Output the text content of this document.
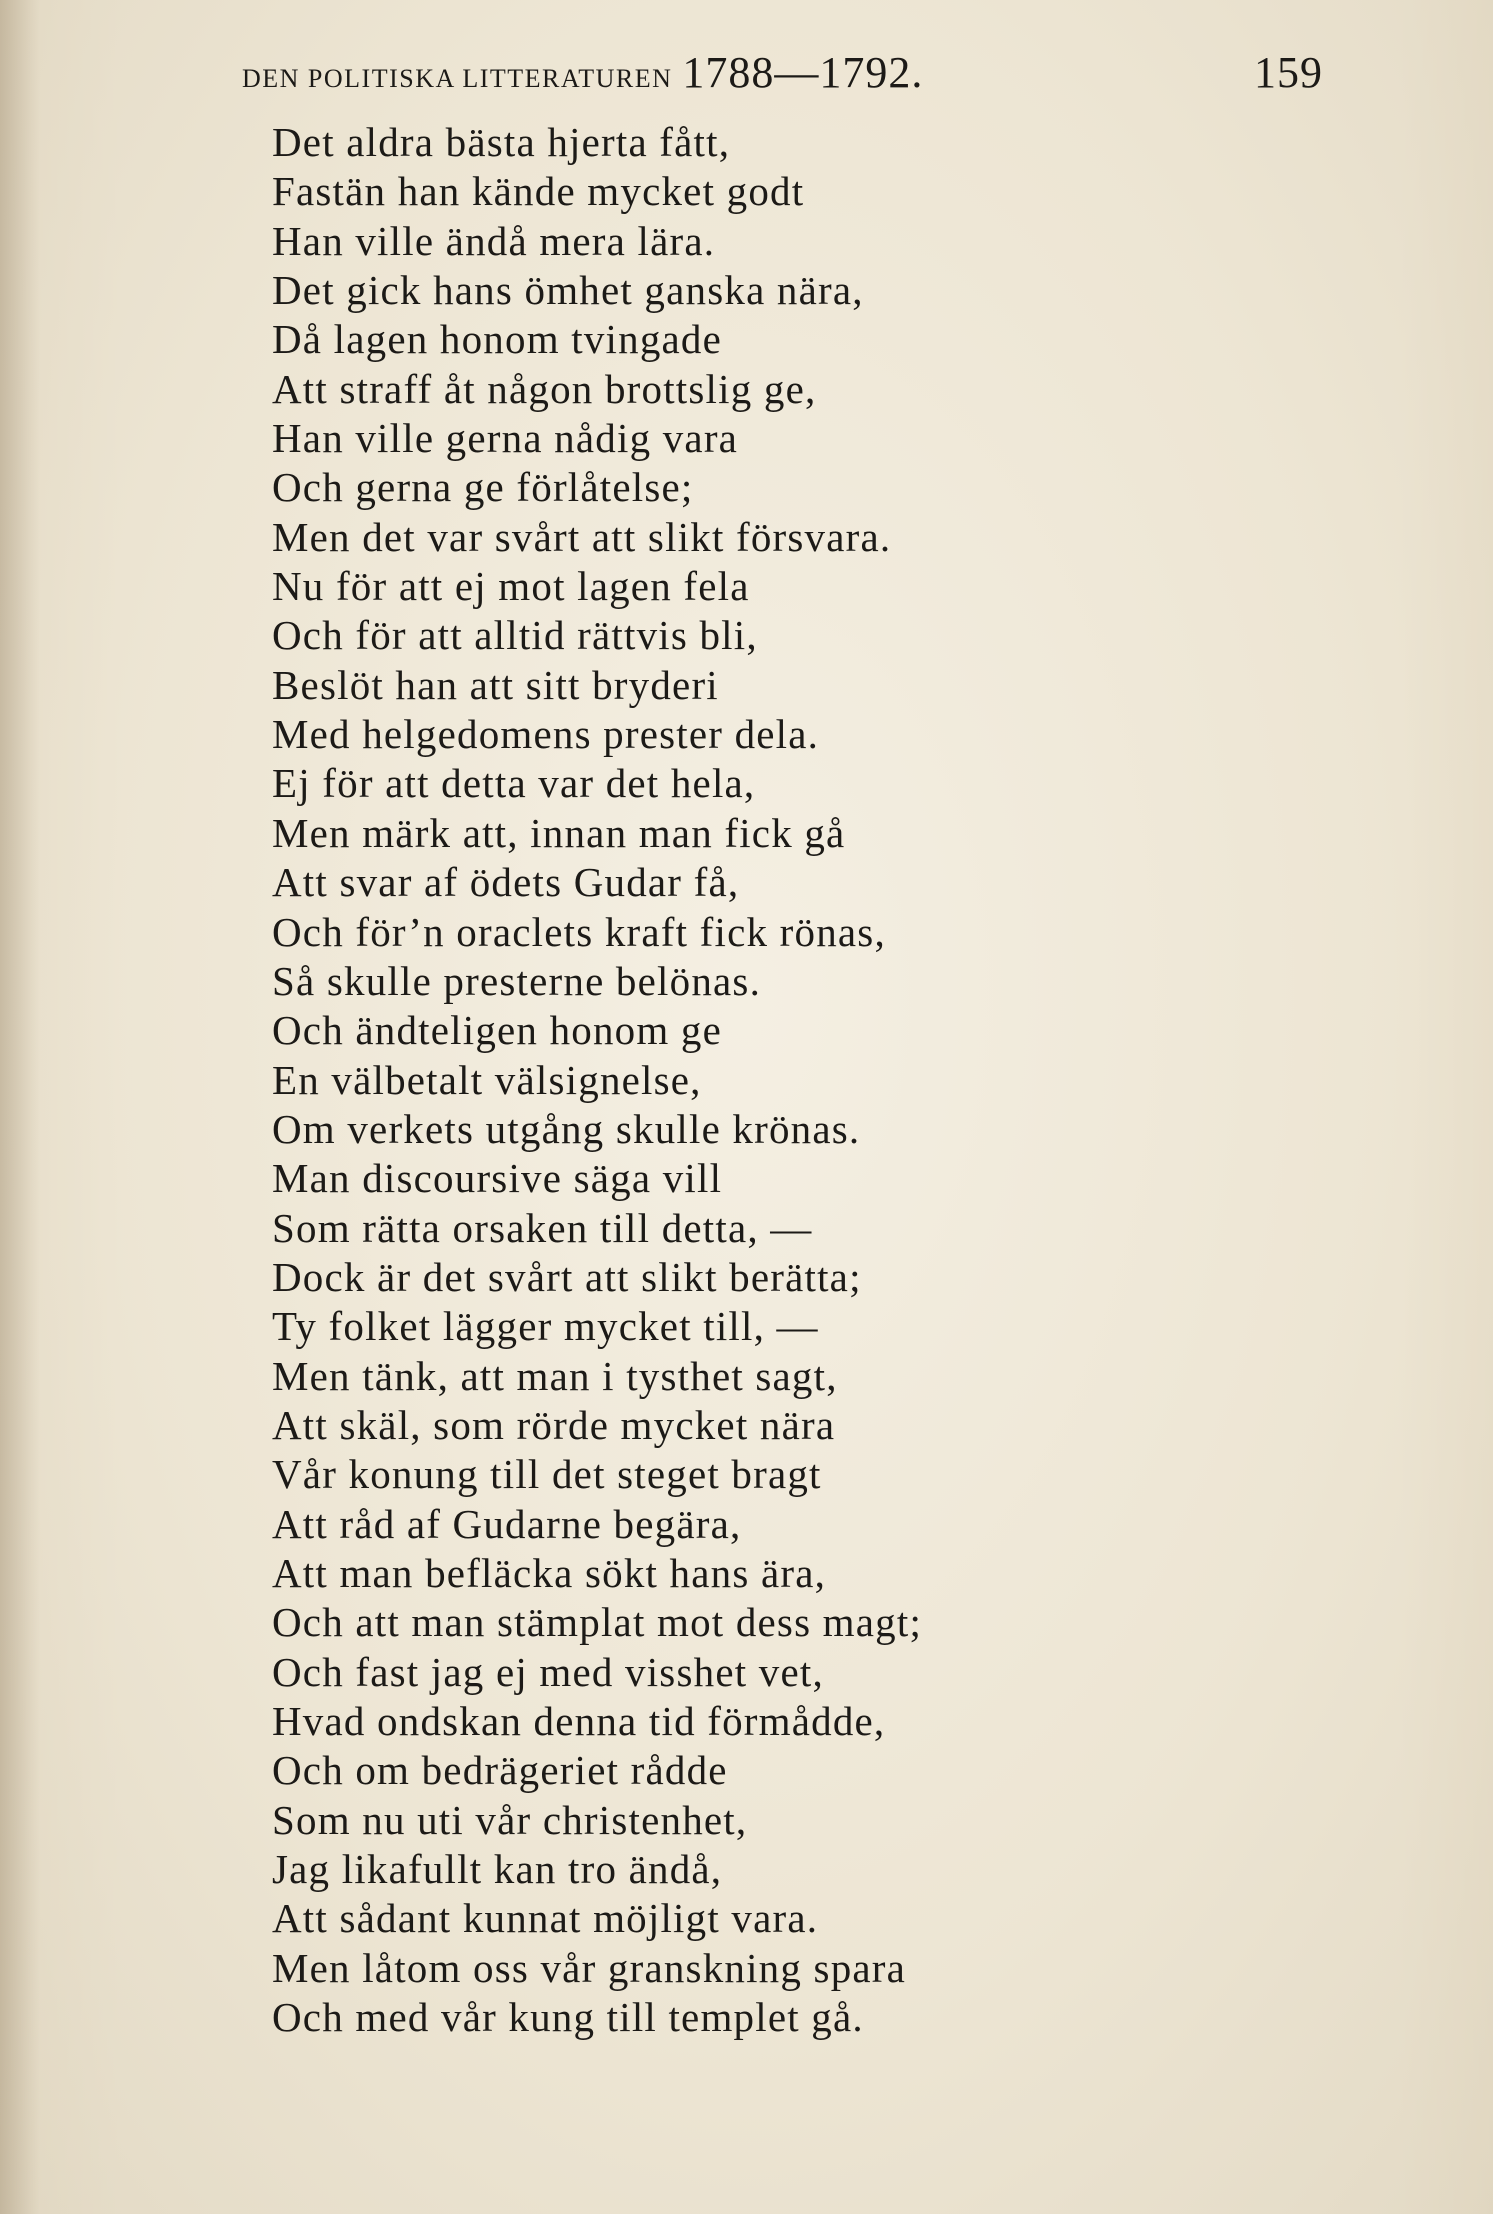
DEN POLITISKA LITTERATUREN 1788—1792.	159
Det aldra bästa hjerta fått,
Fastän han kände mycket godt
Han ville ändå mera lära.
Det gick hans ömhet ganska nära,
Då lagen honom tvingade
Att straff åt någon brottslig ge,
Han ville gerna nådig vara
Och gerna ge förlåtelse;
Men det var svårt att slikt försvara.
Nu för att ej mot lagen fela
Och för att alltid rättvis bli,
Beslöt han att sitt bryderi
Med helgedomens prester dela.
Ej för att detta var det hela,
Men märk att, innan man fick gå
Att svar af ödets Gudar få,
Och för’n oraclets kraft fick rönas,
Så skulle presterne belönas.
Och ändteligen honom ge
En välbetalt välsignelse,
Om verkets utgång skulle krönas.
Man discoursive säga vill
Som rätta orsaken till detta, —
Dock är det svårt att slikt berätta;
Ty folket lägger mycket till, —
Men tänk, att man i tysthet sagt,
Att skäl, som rörde mycket nära
Vår konung till det steget bragt
Att råd af Gudarne begära,
Att man befläcka sökt hans ära,
Och att man stämplat mot dess magt;
Och fast jag ej med visshet vet,
Hvad ondskan denna tid förmådde,
Och om bedrägeriet rådde
Som nu uti vår christenhet,
Jag likafullt kan tro ändå,
Att sådant kunnat möjligt vara.
Men låtom oss vår granskning spara
Och med vår kung till templet gå.
